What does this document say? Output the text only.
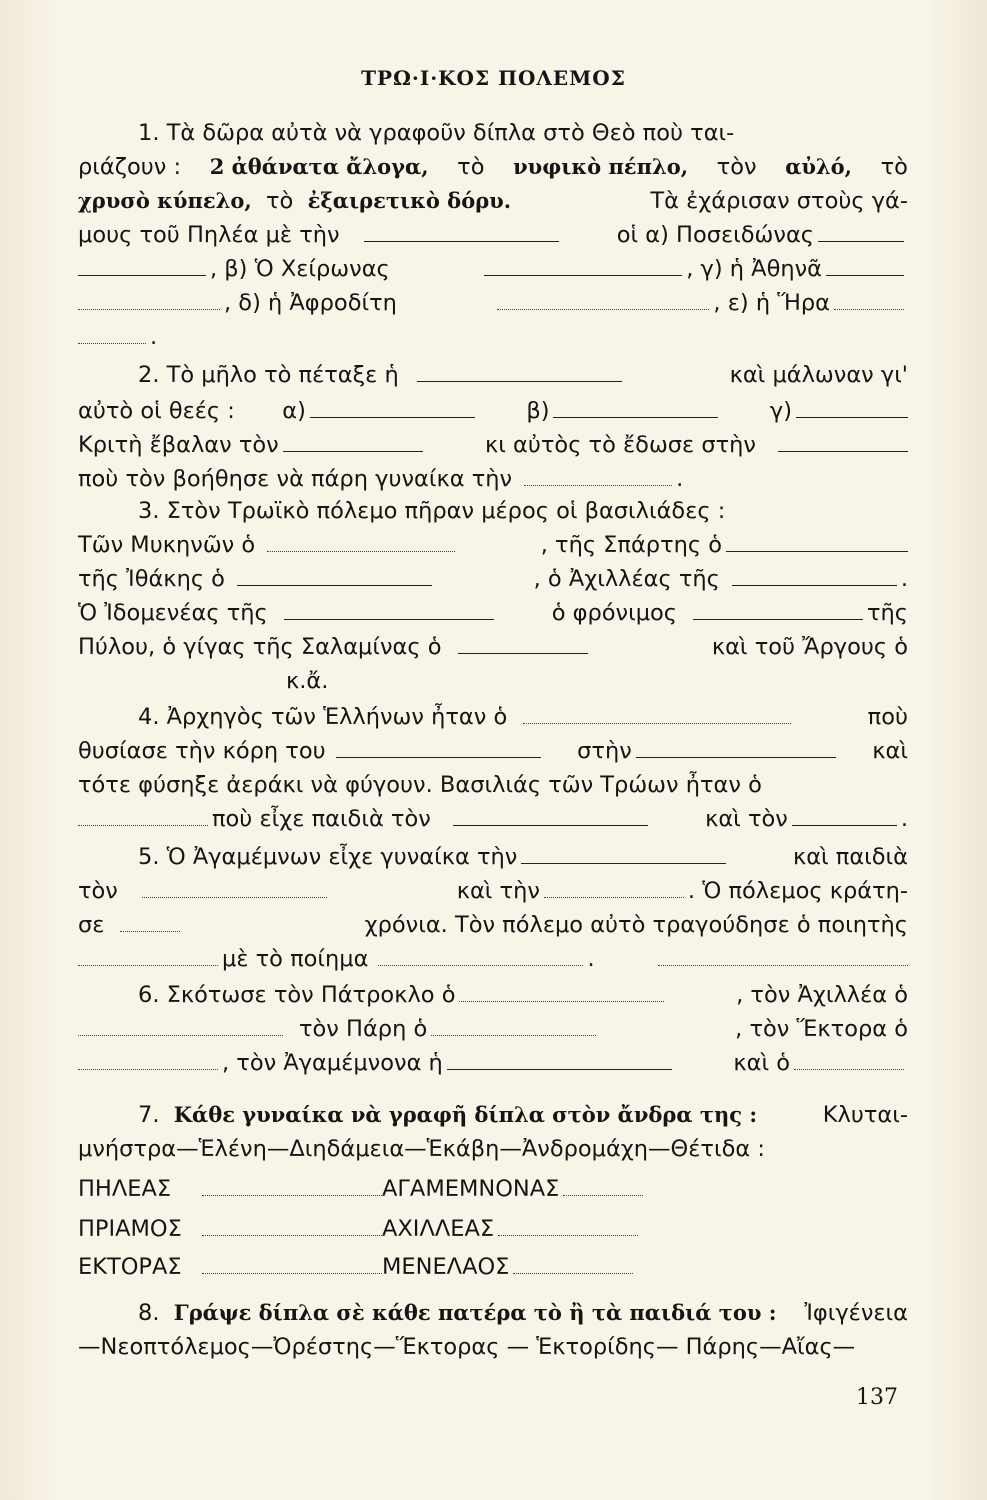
ΤΡΩ·Ι·ΚΟΣ ΠΟΛΕΜΟΣ
1. Τὰ δῶρα αὐτὰ νὰ γραφοῦν δίπλα στὸ Θεὸ ποὺ ται-
ριάζουν : 2 ἀθάνατα ἄλογα, τὸ νυφικὸ πέπλο, τὸν αὐλό, τὸ
χρυσὸ κύπελο, τὸ ἐξαιρετικὸ δόρυ.	Τὰ ἐχάρισαν στοὺς γά-
μους τοῦ Πηλέα μὲ τὴν	οἱ α) Ποσειδώνας
, β) Ὁ Χείρωνας	, γ) ἡ Ἀθηνᾶ
, δ) ἡ Ἀφροδίτη	, ε) ἡ Ἥρα
.
2. Τὸ μῆλο τὸ πέταξε ἡ	καὶ μάλωναν γι'
αὐτὸ οἱ θεές : α)	β)	γ)
Κριτὴ ἔβαλαν τὸν	κι αὐτὸς τὸ ἔδωσε στὴν
ποὺ τὸν βοήθησε νὰ πάρη γυναίκα τὴν	.
3. Στὸν Τρωϊκὸ πόλεμο πῆραν μέρος οἱ βασιλιάδες :
Τῶν Μυκηνῶν ὁ	, τῆς Σπάρτης ὁ
τῆς Ἰθάκης ὁ	, ὁ Ἀχιλλέας τῆς	.
Ὁ Ἰδομενέας τῆς	ὁ φρόνιμος	τῆς
Πύλου, ὁ γίγας τῆς Σαλαμίνας ὁ	καὶ τοῦ Ἄργους ὁ
κ.ἄ.
4. Ἀρχηγὸς τῶν Ἑλλήνων ἦταν ὁ	ποὺ
θυσίασε τὴν κόρη του	στὴν	καὶ
τότε φύσηξε ἀεράκι νὰ φύγουν. Βασιλιάς τῶν Τρώων ἦταν ὁ
ποὺ εἶχε παιδιὰ τὸν	καὶ τὸν	.
5. Ὁ Ἀγαμέμνων εἶχε γυναίκα τὴν	καὶ παιδιὰ
τὸν	καὶ τὴν	. Ὁ πόλεμος κράτη-
σε	χρόνια. Τὸν πόλεμο αὐτὸ τραγούδησε ὁ ποιητὴς
μὲ τὸ ποίημα	.
6. Σκότωσε τὸν Πάτροκλο ὁ	, τὸν Ἀχιλλέα ὁ
τὸν Πάρη ὁ	, τὸν Ἕκτορα ὁ
, τὸν Ἀγαμέμνονα ἡ	καὶ ὁ
7. Κάθε γυναίκα νὰ γραφῆ δίπλα στὸν ἄνδρα της :	Κλυται-
μνήστρα—Ἑλένη—Διηδάμεια—Ἑκάβη—Ἀνδρομάχη—Θέτιδα :
ΠΗΛΕΑΣ	ΑΓΑΜΕΜΝΟΝΑΣ
ΠΡΙΑΜΟΣ	ΑΧΙΛΛΕΑΣ
ΕΚΤΟΡΑΣ	ΜΕΝΕΛΑΟΣ
8. Γράψε δίπλα σὲ κάθε πατέρα τὸ ἢ τὰ παιδιά του : Ἰφιγένεια
—Νεοπτόλεμος—Ὀρέστης—Ἕκτορας — Ἑκτορίδης— Πάρης—Αἴας—
137
